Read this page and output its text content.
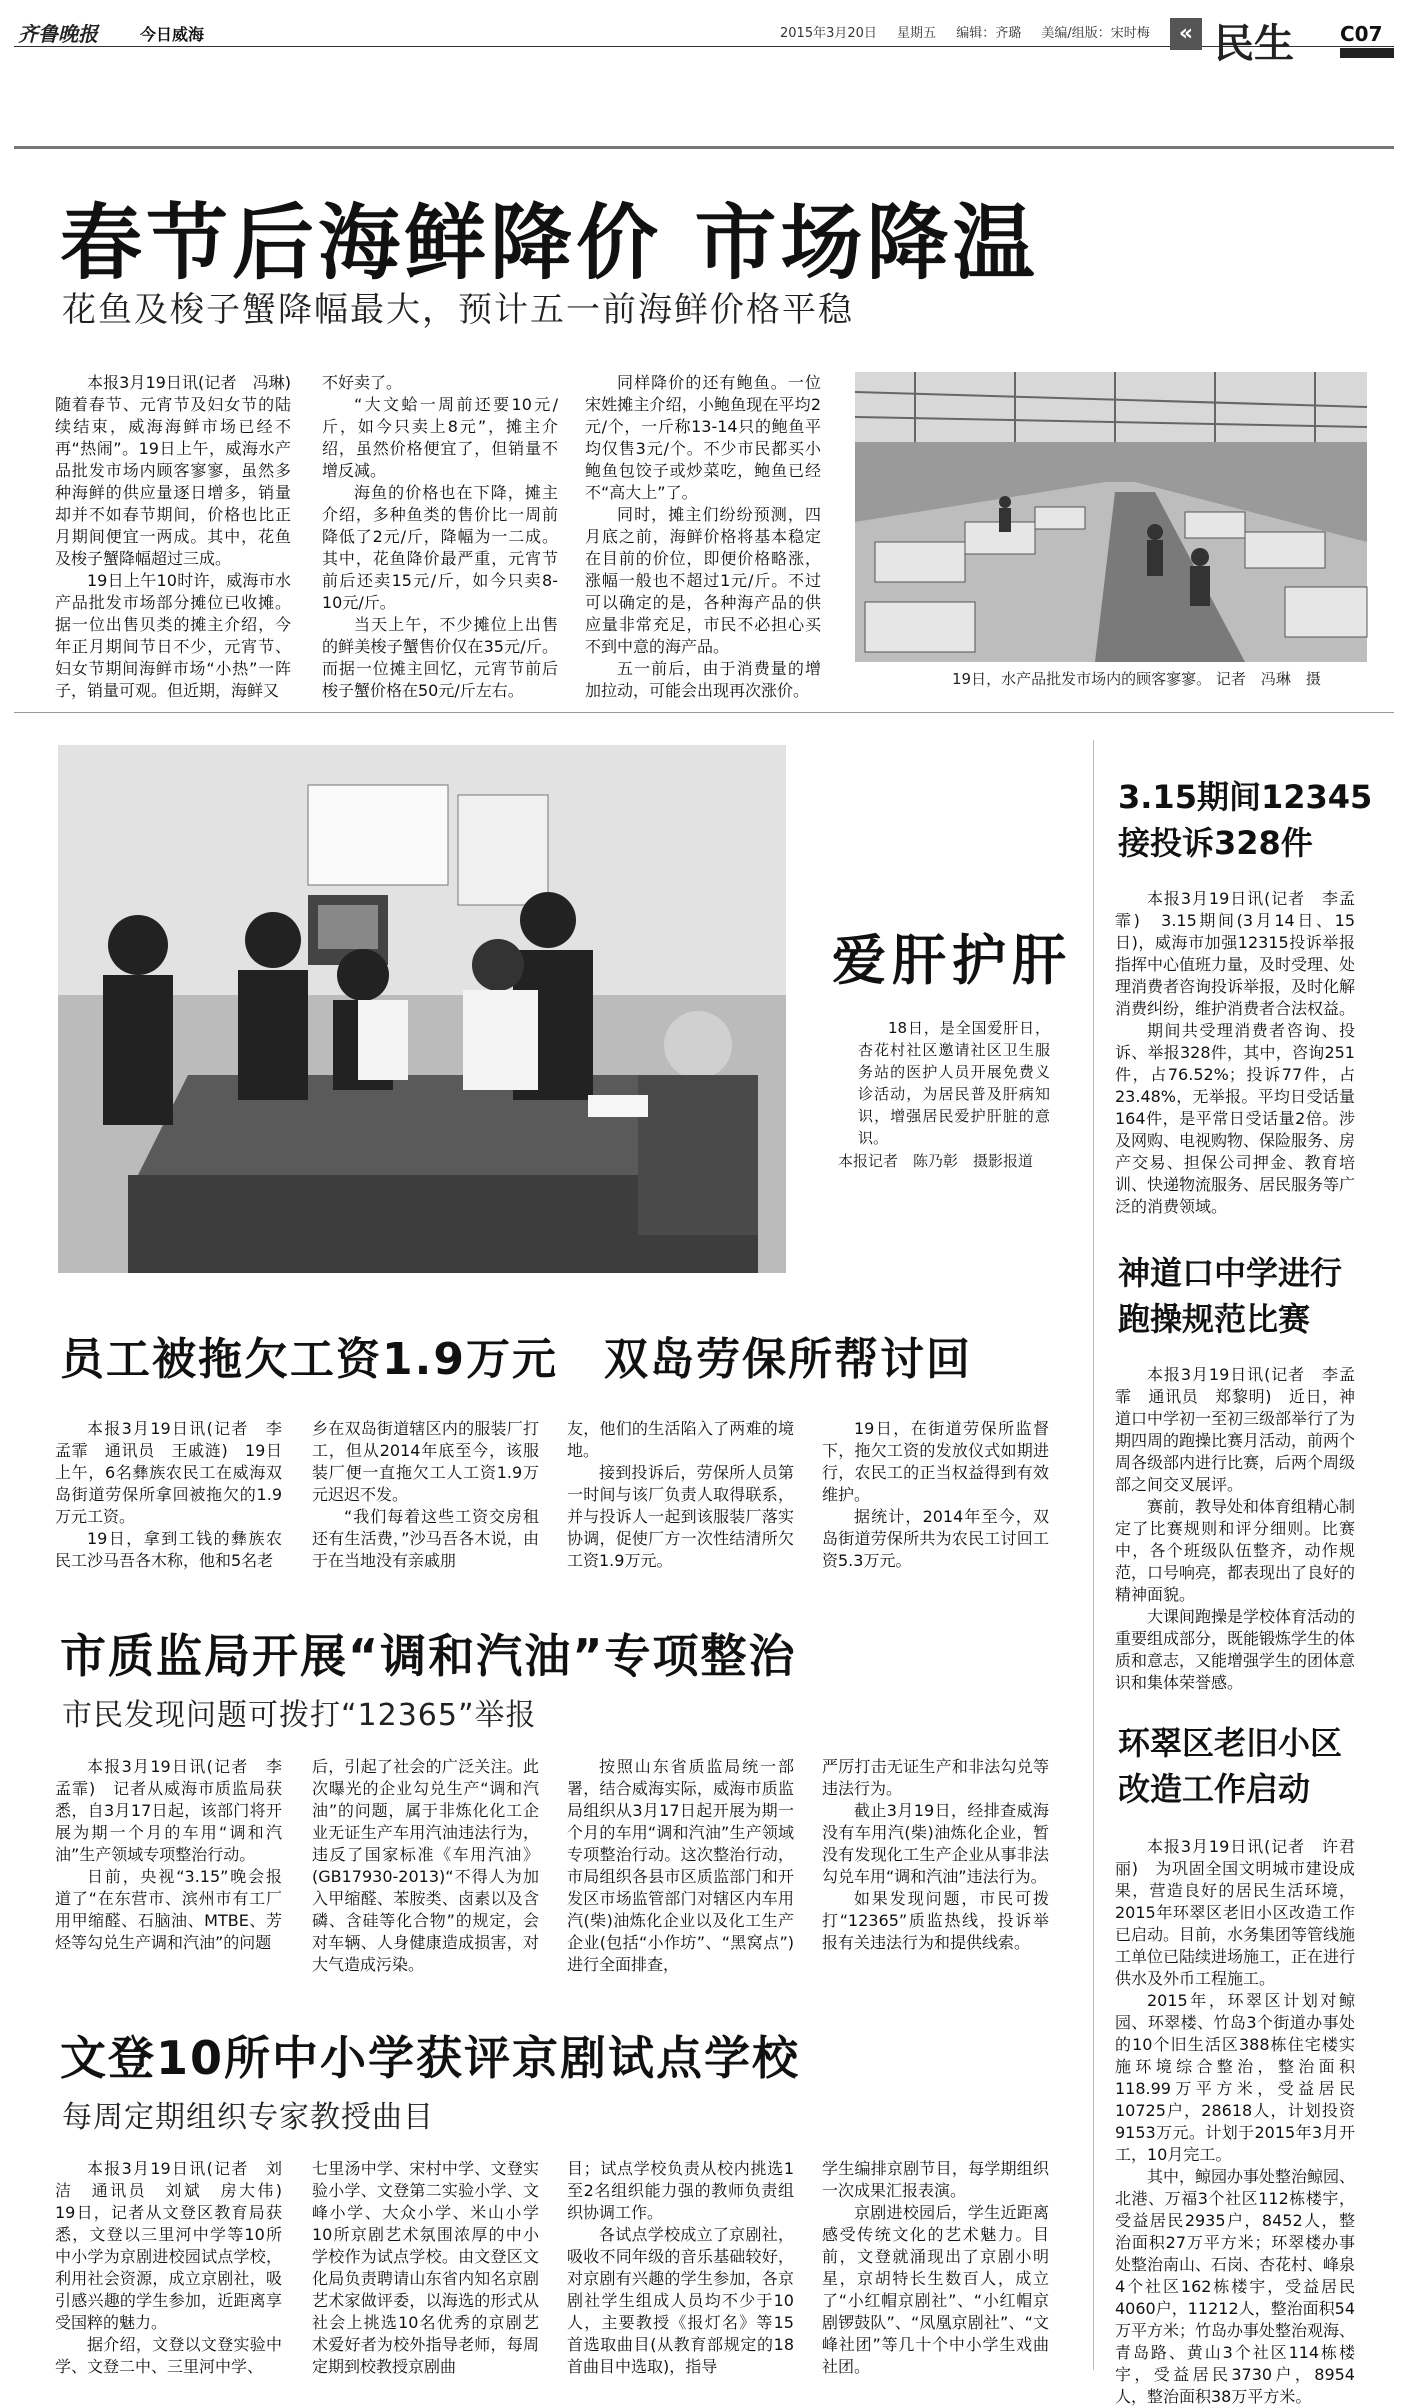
齐鲁晚报	今日威海	2015年3月20日 星期五 编辑：齐璐 美编/组版：宋时梅	« 民生 C07
春节后海鲜降价 市场降温
花鱼及梭子蟹降幅最大，预计五一前海鲜价格平稳

本报3月19日讯(记者　冯琳)　随着春节、元宵节及妇女节的陆续结束，威海海鲜市场已经不再“热闹”。19日上午，威海水产品批发市场内顾客寥寥，虽然多种海鲜的供应量逐日增多，销量却并不如春节期间，价格也比正月期间便宜一两成。其中，花鱼及梭子蟹降幅超过三成。

19日上午10时许，威海市水产品批发市场部分摊位已收摊。据一位出售贝类的摊主介绍，今年正月期间节日不少，元宵节、妇女节期间海鲜市场“小热”一阵子，销量可观。但近期，海鲜又

不好卖了。

“大文蛤一周前还要10元/斤，如今只卖上8元”，摊主介绍，虽然价格便宜了，但销量不增反减。

海鱼的价格也在下降，摊主介绍，多种鱼类的售价比一周前降低了2元/斤，降幅为一二成。其中，花鱼降价最严重，元宵节前后还卖15元/斤，如今只卖8-10元/斤。

当天上午，不少摊位上出售的鲜美梭子蟹售价仅在35元/斤。而据一位摊主回忆，元宵节前后梭子蟹价格在50元/斤左右。

同样降价的还有鲍鱼。一位宋姓摊主介绍，小鲍鱼现在平均2元/个，一斤称13-14只的鲍鱼平均仅售3元/个。不少市民都买小鲍鱼包饺子或炒菜吃，鲍鱼已经不“高大上”了。

同时，摊主们纷纷预测，四月底之前，海鲜价格将基本稳定在目前的价位，即便价格略涨，涨幅一般也不超过1元/斤。不过可以确定的是，各种海产品的供应量非常充足，市民不必担心买不到中意的海产品。

五一前后，由于消费量的增加拉动，可能会出现再次涨价。

19日，水产品批发市场内的顾客寥寥。 记者　冯琳　摄
爱肝护肝

18日，是全国爱肝日，杏花村社区邀请社区卫生服务站的医护人员开展免费义诊活动，为居民普及肝病知识，增强居民爱护肝脏的意识。

本报记者　陈乃彰　摄影报道
员工被拖欠工资1.9万元　双岛劳保所帮讨回

本报3月19日讯(记者　李孟霏　通讯员　王戚涟)　19日上午，6名彝族农民工在威海双岛街道劳保所拿回被拖欠的1.9万元工资。

19日，拿到工钱的彝族农民工沙马吾各木称，他和5名老

乡在双岛街道辖区内的服装厂打工，但从2014年底至今，该服装厂便一直拖欠工人工资1.9万元迟迟不发。

“我们每着这些工资交房租还有生活费，”沙马吾各木说，由于在当地没有亲戚朋

友，他们的生活陷入了两难的境地。

接到投诉后，劳保所人员第一时间与该厂负责人取得联系，并与投诉人一起到该服装厂落实协调，促使厂方一次性结清所欠工资1.9万元。

19日，在街道劳保所监督下，拖欠工资的发放仪式如期进行，农民工的正当权益得到有效维护。

据统计，2014年至今，双岛街道劳保所共为农民工讨回工资5.3万元。

市质监局开展“调和汽油”专项整治
市民发现问题可拨打“12365”举报

本报3月19日讯(记者　李孟霏)　记者从威海市质监局获悉，自3月17日起，该部门将开展为期一个月的车用“调和汽油”生产领域专项整治行动。

日前，央视“3.15”晚会报道了“在东营市、滨州市有工厂用甲缩醛、石脑油、MTBE、芳烃等勾兑生产调和汽油”的问题

后，引起了社会的广泛关注。此次曝光的企业勾兑生产“调和汽油”的问题，属于非炼化化工企业无证生产车用汽油违法行为，违反了国家标准《车用汽油》(GB17930-2013)“不得人为加入甲缩醛、苯胺类、卤素以及含磷、含硅等化合物”的规定，会对车辆、人身健康造成损害，对大气造成污染。

按照山东省质监局统一部署，结合威海实际，威海市质监局组织从3月17日起开展为期一个月的车用“调和汽油”生产领域专项整治行动。这次整治行动，市局组织各县市区质监部门和开发区市场监管部门对辖区内车用汽(柴)油炼化企业以及化工生产企业(包括“小作坊”、“黑窝点”)进行全面排查，

严厉打击无证生产和非法勾兑等违法行为。

截止3月19日，经排查威海没有车用汽(柴)油炼化企业，暂没有发现化工生产企业从事非法勾兑车用“调和汽油”违法行为。

如果发现问题，市民可拨打“12365”质监热线，投诉举报有关违法行为和提供线索。

文登10所中小学获评京剧试点学校
每周定期组织专家教授曲目

本报3月19日讯(记者　刘洁　通讯员　刘斌　房大伟)　19日，记者从文登区教育局获悉，文登以三里河中学等10所中小学为京剧进校园试点学校，利用社会资源，成立京剧社，吸引感兴趣的学生参加，近距离享受国粹的魅力。

据介绍，文登以文登实验中学、文登二中、三里河中学、

七里汤中学、宋村中学、文登实验小学、文登第二实验小学、文峰小学、大众小学、米山小学10所京剧艺术氛围浓厚的中小学校作为试点学校。由文登区文化局负责聘请山东省内知名京剧艺术家做评委，以海选的形式从社会上挑选10名优秀的京剧艺术爱好者为校外指导老师，每周定期到校教授京剧曲

目；试点学校负责从校内挑选1至2名组织能力强的教师负责组织协调工作。

各试点学校成立了京剧社，吸收不同年级的音乐基础较好，对京剧有兴趣的学生参加，各京剧社学生组成人员均不少于10人，主要教授《报灯名》等15首选取曲目(从教育部规定的18首曲目中选取)，指导

学生编排京剧节目，每学期组织一次成果汇报表演。

京剧进校园后，学生近距离感受传统文化的艺术魅力。目前，文登就涌现出了京剧小明星，京胡特长生数百人，成立了“小红帽京剧社”、“小红帽京剧锣鼓队”、“凤凰京剧社”、“文峰社团”等几十个中小学生戏曲社团。

3.15期间12345
接投诉328件

本报3月19日讯(记者　李孟霏)　3.15期间(3月14日、15日)，威海市加强12315投诉举报指挥中心值班力量，及时受理、处理消费者咨询投诉举报，及时化解消费纠纷，维护消费者合法权益。

期间共受理消费者咨询、投诉、举报328件，其中，咨询251件，占76.52%；投诉77件，占23.48%，无举报。平均日受话量164件，是平常日受话量2倍。涉及网购、电视购物、保险服务、房产交易、担保公司押金、教育培训、快递物流服务、居民服务等广泛的消费领域。

神道口中学进行
跑操规范比赛

本报3月19日讯(记者　李孟霏　通讯员　郑黎明)　近日，神道口中学初一至初三级部举行了为期四周的跑操比赛月活动，前两个周各级部内进行比赛，后两个周级部之间交叉展评。

赛前，教导处和体育组精心制定了比赛规则和评分细则。比赛中，各个班级队伍整齐，动作规范，口号响亮，都表现出了良好的精神面貌。

大课间跑操是学校体育活动的重要组成部分，既能锻炼学生的体质和意志，又能增强学生的团体意识和集体荣誉感。

环翠区老旧小区
改造工作启动

本报3月19日讯(记者　许君丽)　为巩固全国文明城市建设成果，营造良好的居民生活环境，2015年环翠区老旧小区改造工作已启动。目前，水务集团等管线施工单位已陆续进场施工，正在进行供水及外币工程施工。

2015年，环翠区计划对鲸园、环翠楼、竹岛3个街道办事处的10个旧生活区388栋住宅楼实施环境综合整治，整治面积118.99万平方米，受益居民10725户，28618人，计划投资9153万元。计划于2015年3月开工，10月完工。

其中，鲸园办事处整治鲸园、北港、万福3个社区112栋楼宇，受益居民2935户，8452人，整治面积27万平方米；环翠楼办事处整治南山、石岗、杏花村、峰泉4个社区162栋楼宇，受益居民4060户，11212人，整治面积54万平方米；竹岛办事处整治观海、青岛路、黄山3个社区114栋楼宇，受益居民3730户，8954人，整治面积38万平方米。
